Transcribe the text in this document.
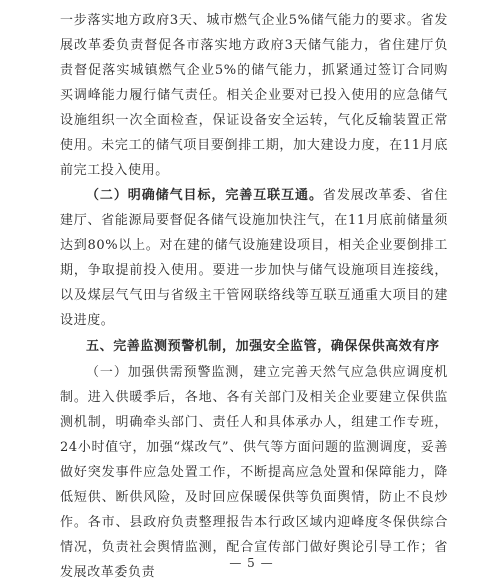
一步落实地方政府3天、城市燃气企业5%储气能力的要求。省发展改革委负责督促各市落实地方政府3天储气能力，省住建厅负责督促落实城镇燃气企业5%的储气能力，抓紧通过签订合同购买调峰能力履行储气责任。相关企业要对已投入使用的应急储气设施组织一次全面检查，保证设备安全运转，气化反输装置正常使用。未完工的储气项目要倒排工期，加大建设力度，在11月底前完工投入使用。

（二）明确储气目标，完善互联互通。省发展改革委、省住建厅、省能源局要督促各储气设施加快注气，在11月底前储量须达到80%以上。对在建的储气设施建设项目，相关企业要倒排工期，争取提前投入使用。要进一步加快与储气设施项目连接线，以及煤层气气田与省级主干管网联络线等互联互通重大项目的建设进度。

五、完善监测预警机制，加强安全监管，确保保供高效有序

（一）加强供需预警监测，建立完善天然气应急供应调度机制。进入供暖季后，各地、各有关部门及相关企业要建立保供监测机制，明确牵头部门、责任人和具体承办人，组建工作专班，24小时值守，加强“煤改气”、供气等方面问题的监测调度，妥善做好突发事件应急处置工作，不断提高应急处置和保障能力，降低短供、断供风险，及时回应保暖保供等负面舆情，防止不良炒作。各市、县政府负责整理报告本行政区域内迎峰度冬保供综合情况，负责社会舆情监测，配合宣传部门做好舆论引导工作；省发展改革委负责

— 5 —
